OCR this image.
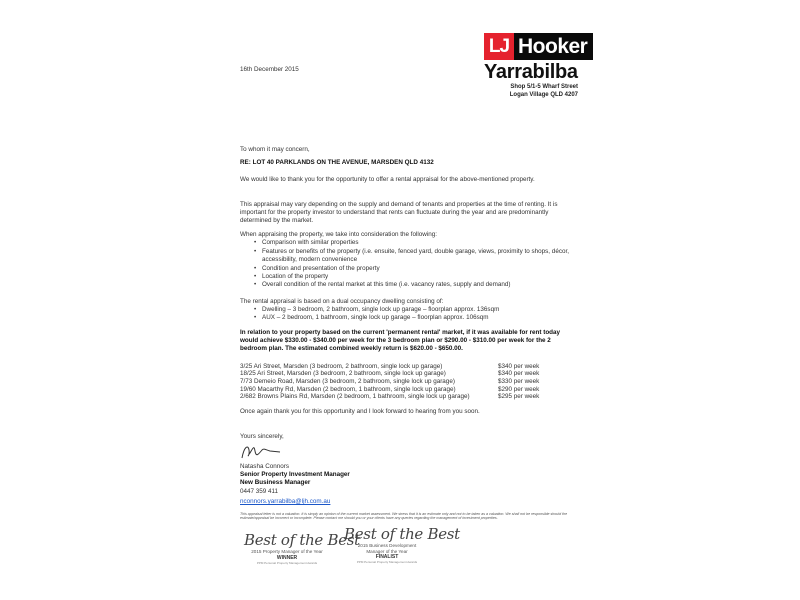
LJ Hooker
Yarrabilba
Shop 5/1-5 Wharf Street
Logan Village QLD 4207
16th December 2015
To whom it may concern,
RE: LOT 40 PARKLANDS ON THE AVENUE, MARSDEN QLD 4132
We would like to thank you for the opportunity to offer a rental appraisal for the above-mentioned property.
This appraisal may vary depending on the supply and demand of tenants and properties at the time of renting. It is important for the property investor to understand that rents can fluctuate during the year and are predominantly determined by the market.
When appraising the property, we take into consideration the following:
• Comparison with similar properties
• Features or benefits of the property (i.e. ensuite, fenced yard, double garage, views, proximity to shops, décor, accessibility, modern convenience
• Condition and presentation of the property
• Location of the property
• Overall condition of the rental market at this time (i.e. vacancy rates, supply and demand)
The rental appraisal is based on a dual occupancy dwelling consisting of:
• Dwelling – 3 bedroom, 2 bathroom, single lock up garage – floorplan approx. 136sqm
• AUX – 2 bedroom, 1 bathroom, single lock up garage – floorplan approx. 106sqm
In relation to your property based on the current 'permanent rental' market, if it was available for rent today would achieve $330.00 - $340.00 per week for the 3 bedroom plan or $290.00 - $310.00 per week for the 2 bedroom plan. The estimated combined weekly return is $620.00 - $650.00.
3/25 Ari Street, Marsden (3 bedroom, 2 bathroom, single lock up garage)	$340 per week
18/25 Ari Street, Marsden (3 bedroom, 2 bathroom, single lock up garage)	$340 per week
7/73 Demeio Road, Marsden (3 bedroom, 2 bathroom, single lock up garage)	$330 per week
19/60 Macarthy Rd, Marsden (2 bedroom, 1 bathroom, single lock up garage)	$290 per week
2/682 Browns Plains Rd, Marsden (2 bedroom, 1 bathroom, single lock up garage)	$295 per week
Once again thank you for this opportunity and I look forward to hearing from you soon.
Yours sincerely,
Natasha Connors
Senior Property Investment Manager
New Business Manager
0447 359 411
nconnors.yarrabilba@ljh.com.au
This appraisal letter is not a valuation. It is simply an opinion of the current market assessment. We stress that it is an estimate only and not to be taken as a valuation. We shall not be responsible should the estimate/appraisal be incorrect or incomplete. Please contact me should you or your clients have any queries regarding the management of investment properties.
Best of the Best
2015 Property Manager of the Year
WINNER
PPM Personal Property Management Awards
Best of the Best
2015 Business Development
Manager of the Year
FINALIST
PPM Personal Property Management Awards
